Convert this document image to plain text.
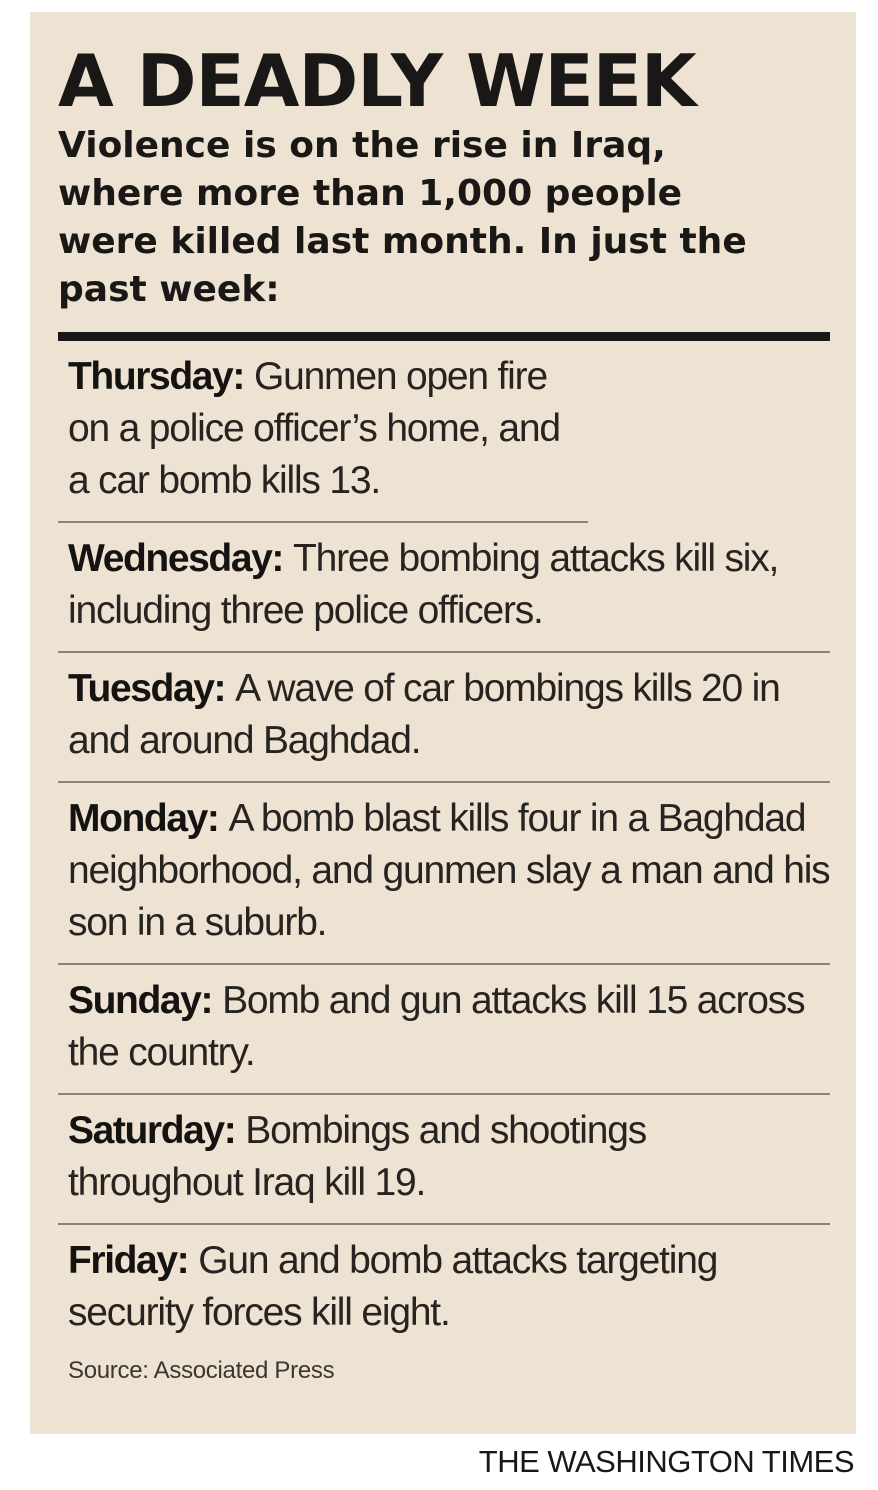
A DEADLY WEEK

Violence is on the rise in Iraq, where more than 1,000 people were killed last month. In just the past week:

Thursday: Gunmen open fire on a police officer’s home, and a car bomb kills 13.
Wednesday: Three bombing attacks kill six, including three police officers.
Tuesday: A wave of car bombings kills 20 in and around Baghdad.
Monday: A bomb blast kills four in a Baghdad neighborhood, and gunmen slay a man and his son in a suburb.
Sunday: Bomb and gun attacks kill 15 across the country.
Saturday: Bombings and shootings throughout Iraq kill 19.
Friday: Gun and bomb attacks targeting security forces kill eight.
Source: Associated Press
THE WASHINGTON TIMES
